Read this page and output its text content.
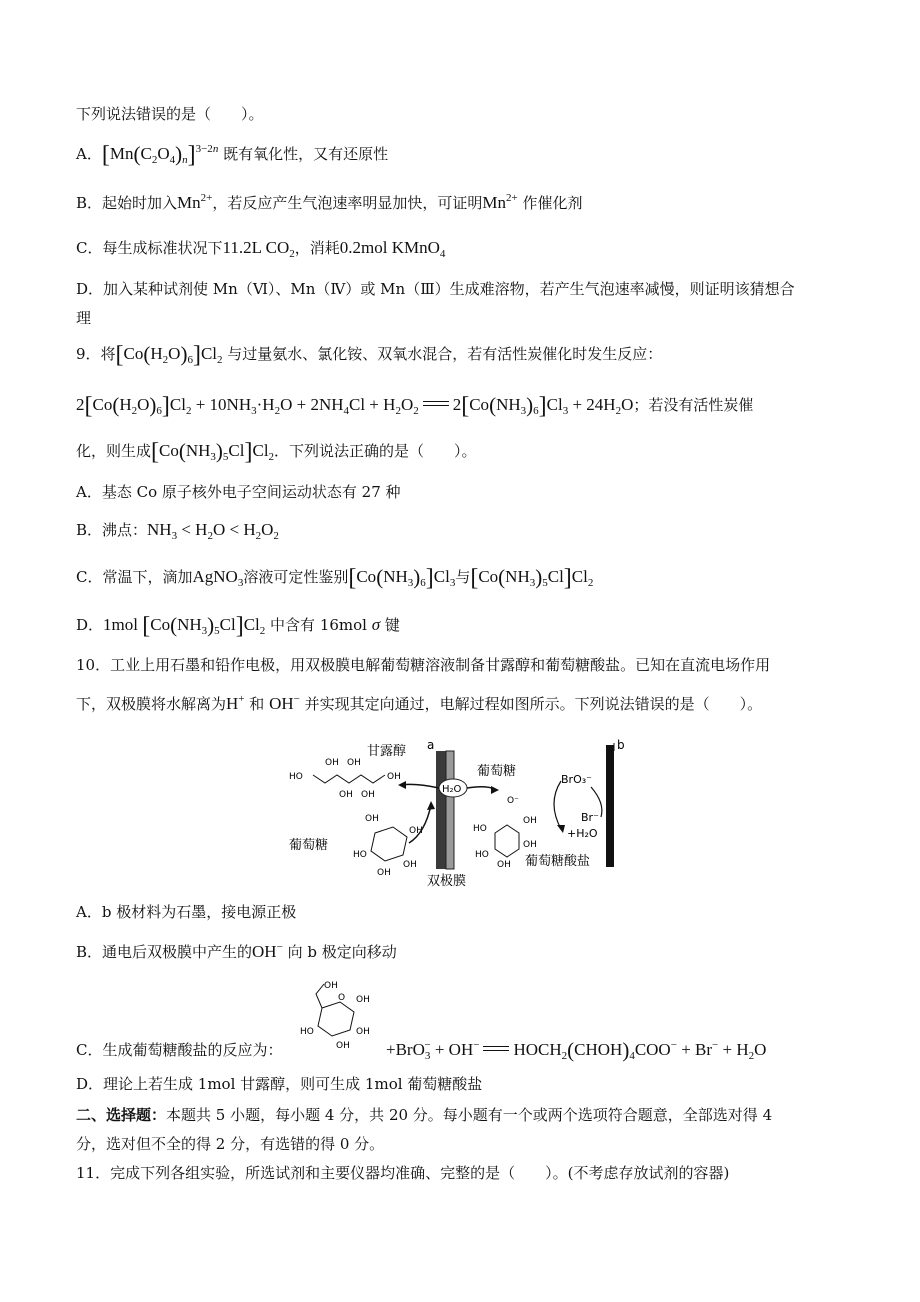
下列说法错误的是（　　）。
A．$[Mn(C_2O_4)_n]^{3-2n}$ 既有氧化性，又有还原性
B．起始时加入$Mn^{2+}$，若反应产生气泡速率明显加快，可证明$Mn^{2+}$ 作催化剂
C．每生成标准状况下11.2L $CO_2$，消耗0.2mol KMnO$_4$
D．加入某种试剂使 Mn（Ⅵ）、Mn（Ⅳ）或 Mn（Ⅲ）生成难溶物，若产生气泡速率减慢，则证明该猜想合
理
9．将$[Co(H_2O)_6]Cl_2$ 与过量氨水、氯化铵、双氧水混合，若有活性炭催化时发生反应：
$2[Co(H_2O)_6]Cl_2 + 10NH_3\cdot H_2O + 2NH_4Cl + H_2O_2$ $2[Co(NH_3)_6]Cl_3 + 24H_2O$；若没有活性炭催
化，则生成$[Co(NH_3)_5Cl]Cl_2$．下列说法正确的是（　　）。
A．基态 Co 原子核外电子空间运动状态有 27 种
B．沸点：$NH_3 < H_2O < H_2O_2$
C．常温下，滴加AgNO$_3$溶液可定性鉴别$[Co(NH_3)_6]Cl_3$与$[Co(NH_3)_5Cl]Cl_2$
D．1mol $[Co(NH_3)_5Cl]Cl_2$ 中含有 16mol σ 键
10．工业上用石墨和铅作电极，用双极膜电解葡萄糖溶液制备甘露醇和葡萄糖酸盐。已知在直流电场作用
下，双极膜将水解离为H+ 和 OH− 并实现其定向通过，电解过程如图所示。下列说法错误的是（　　）。
a
双极膜
b
H₂O
甘露醇
HO	OH
OH OH
OH OH
葡萄糖
OH
OH
HO
OH
OH
葡萄糖
O⁻
OH
HO
OH
HO
OH 葡萄糖酸盐
BrO₃⁻
Br⁻
+H₂O
A．b 极材料为石墨，接电源正极
B．通电后双极膜中产生的OH− 向 b 极定向移动
OH
O OH
HO	OH
OH
C．生成葡萄糖酸盐的反应为：	+BrO$_3$− + OH− $HOCH_2(CHOH)_4COO^- + Br^- + H_2O$
D．理论上若生成 1mol 甘露醇，则可生成 1mol 葡萄糖酸盐
二、选择题：本题共 5 小题，每小题 4 分，共 20 分。每小题有一个或两个选项符合题意，全部选对得 4
分，选对但不全的得 2 分，有选错的得 0 分。
11．完成下列各组实验，所选试剂和主要仪器均准确、完整的是（　　）。(不考虑存放试剂的容器)
